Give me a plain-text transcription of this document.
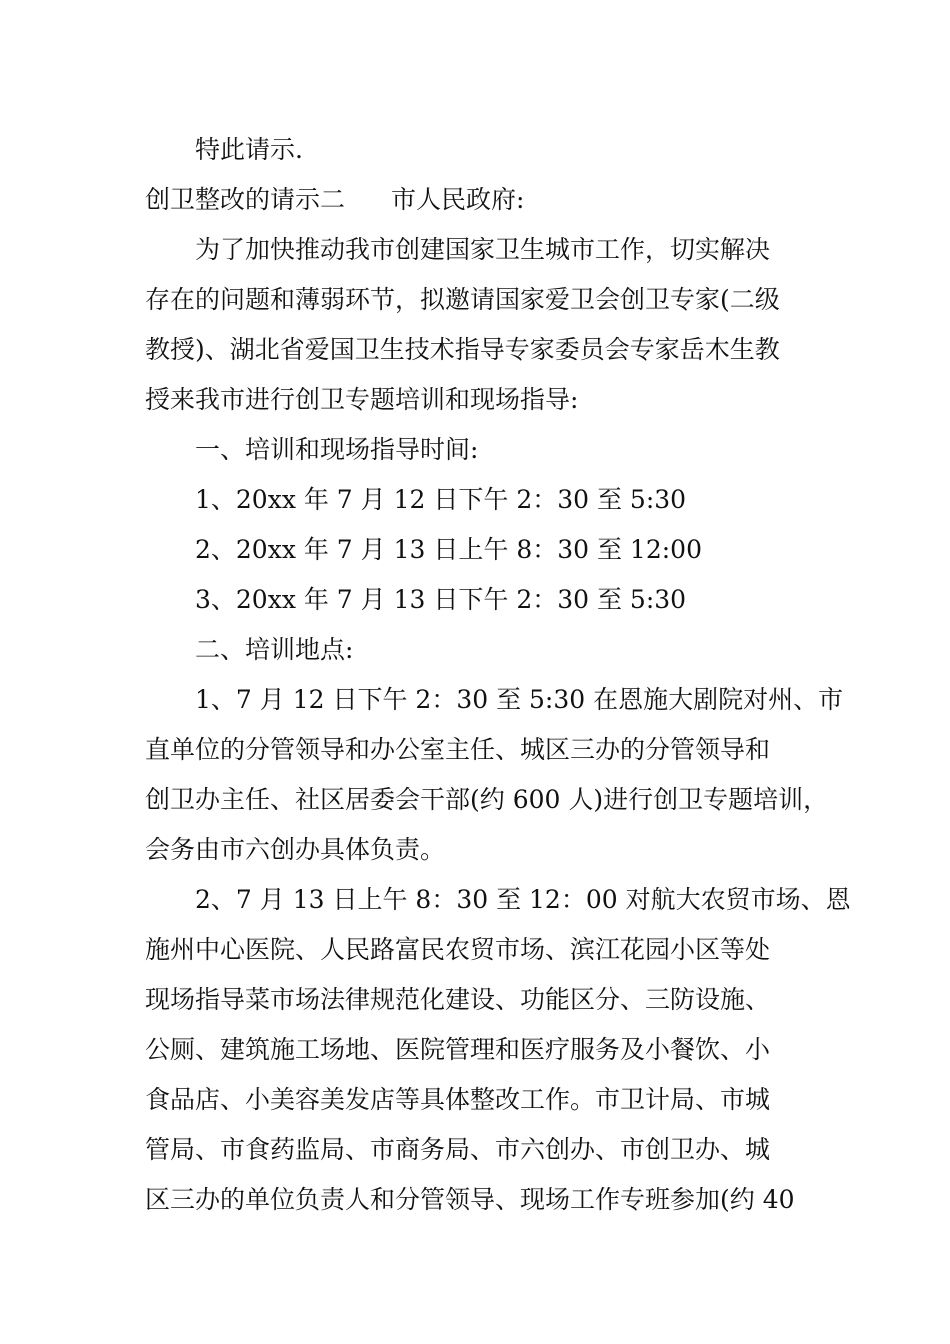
特此请示.
创卫整改的请示二 市人民政府:
为了加快推动我市创建国家卫生城市工作，切实解决
存在的问题和薄弱环节，拟邀请国家爱卫会创卫专家(二级
教授)、湖北省爱国卫生技术指导专家委员会专家岳木生教
授来我市进行创卫专题培训和现场指导:
一、培训和现场指导时间:
1、20xx 年 7 月 12 日下午 2：30 至 5:30
2、20xx 年 7 月 13 日上午 8：30 至 12:00
3、20xx 年 7 月 13 日下午 2：30 至 5:30
二、培训地点:
1、7 月 12 日下午 2：30 至 5:30 在恩施大剧院对州、市
直单位的分管领导和办公室主任、城区三办的分管领导和
创卫办主任、社区居委会干部(约 600 人)进行创卫专题培训，
会务由市六创办具体负责。
2、7 月 13 日上午 8：30 至 12：00 对航大农贸市场、恩
施州中心医院、人民路富民农贸市场、滨江花园小区等处
现场指导菜市场法律规范化建设、功能区分、三防设施、
公厕、建筑施工场地、医院管理和医疗服务及小餐饮、小
食品店、小美容美发店等具体整改工作。市卫计局、市城
管局、市食药监局、市商务局、市六创办、市创卫办、城
区三办的单位负责人和分管领导、现场工作专班参加(约 40
